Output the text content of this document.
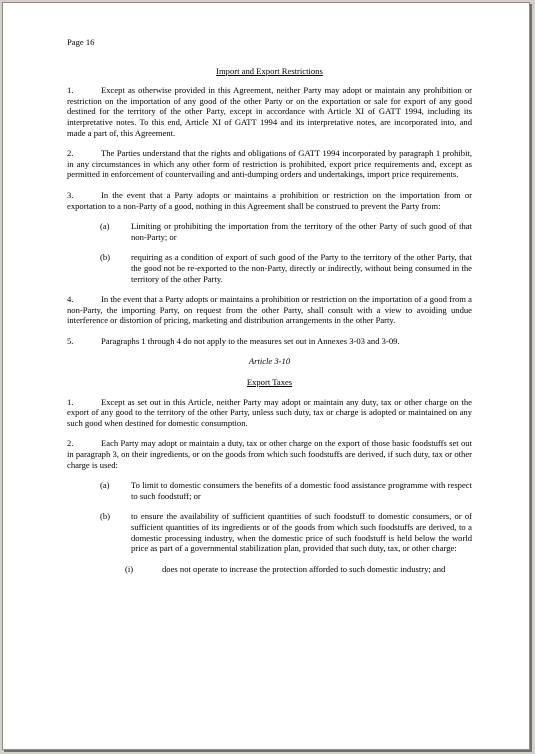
Page 16
Import and Export Restrictions

1.	Except as otherwise provided in this Agreement, neither Party may adopt or maintain any prohibition or restriction on the importation of any good of the other Party or on the exportation or sale for export of any good destined for the territory of the other Party, except in accordance with Article XI of GATT 1994, including its interpretative notes. To this end, Article XI of GATT 1994 and its interpretative notes, are incorporated into, and made a part of, this Agreement.

2.	The Parties understand that the rights and obligations of GATT 1994 incorporated by paragraph 1 prohibit, in any circumstances in which any other form of restriction is prohibited, export price requirements and, except as permitted in enforcement of countervailing and anti-dumping orders and undertakings, import price requirements.

3.	In the event that a Party adopts or maintains a prohibition or restriction on the importation from or exportation to a non-Party of a good, nothing in this Agreement shall be construed to prevent the Party from:

(a) Limiting or prohibiting the importation from the territory of the other Party of such good of that non-Party; or
(b) requiring as a condition of export of such good of the Party to the territory of the other Party, that the good not be re-exported to the non-Party, directly or indirectly, without being consumed in the territory of the other Party.

4.	In the event that a Party adopts or maintains a prohibition or restriction on the importation of a good from a non-Party, the importing Party, on request from the other Party, shall consult with a view to avoiding undue interference or distortion of pricing, marketing and distribution arrangements in the other Party.

5.	Paragraphs 1 through 4 do not apply to the measures set out in Annexes 3-03 and 3-09.

Article 3-10
Export Taxes

1.	Except as set out in this Article, neither Party may adopt or maintain any duty, tax or other charge on the export of any good to the territory of the other Party, unless such duty, tax or charge is adopted or maintained on any such good when destined for domestic consumption.

2.	Each Party may adopt or maintain a duty, tax or other charge on the export of those basic foodstuffs set out in paragraph 3, on their ingredients, or on the goods from which such foodstuffs are derived, if such duty, tax or other charge is used:

(a) To limit to domestic consumers the benefits of a domestic food assistance programme with respect to such foodstuff; or
(b) to ensure the availability of sufficient quantities of such foodstuff to domestic consumers, or of sufficient quantities of its ingredients or of the goods from which such foodstuffs are derived, to a domestic processing industry, when the domestic price of such foodstuff is held below the world price as part of a governmental stabilization plan, provided that such duty, tax, or other charge:
(i)	does not operate to increase the protection afforded to such domestic industry; and
